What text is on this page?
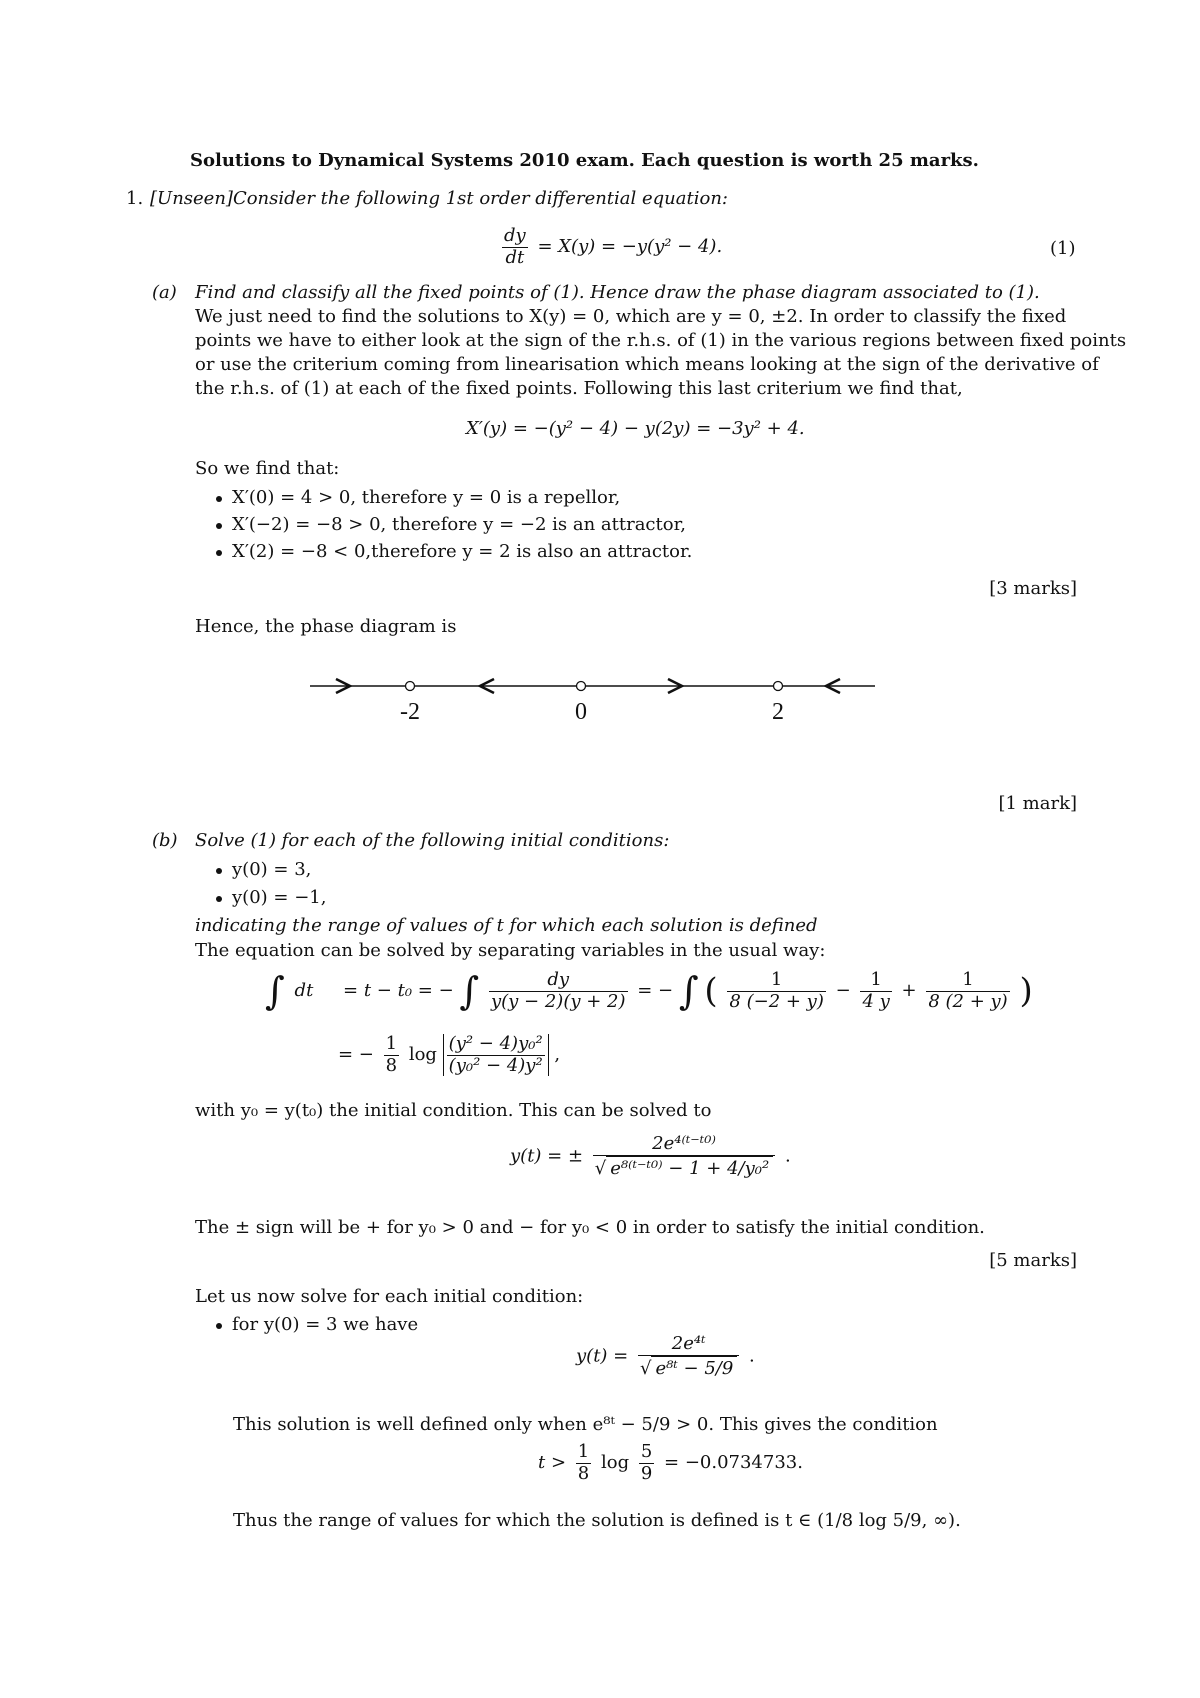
Solutions to Dynamical Systems 2010 exam. Each question is worth 25 marks.
1. [Unseen]Consider the following 1st order differential equation:
$\frac{dy}{dt} = X(y) = -y(y^2 - 4)$.	(1)
(a) Find and classify all the fixed points of (1). Hence draw the phase diagram associated to (1).
We just need to find the solutions to X(y) = 0, which are y = 0, ±2. In order to classify the fixed
points we have to either look at the sign of the r.h.s. of (1) in the various regions between fixed points
or use the criterium coming from linearisation which means looking at the sign of the derivative of
the r.h.s. of (1) at each of the fixed points. Following this last criterium we find that,
X′(y) = −(y² − 4) − y(2y) = −3y² + 4.
So we find that:
X′(0) = 4 > 0, therefore y = 0 is a repellor,
X′(−2) = −8 > 0, therefore y = −2 is an attractor,
X′(2) = −8 < 0,therefore y = 2 is also an attractor.
[3 marks]
Hence, the phase diagram is
-2	0	2
[1 mark]
(b) Solve (1) for each of the following initial conditions:
y(0) = 3,
y(0) = −1,
indicating the range of values of t for which each solution is defined
The equation can be solved by separating variables in the usual way:
∫ dt = t − t₀ = − ∫ $\frac{dy}{y(y - 2)(y + 2)}$ = − ∫ ( $\frac{1}{8 (-2 + y)} - \frac{1}{4 y} + \frac{1}{8 (2 + y)}$ )
= − $\frac{1}{8}$ $\log \frac{\text{(y² − 4)y₀²}}{\text{(y₀² − 4)y²}}$ ,
with y₀ = y(t₀) the initial condition. This can be solved to
y(t) = ± $\frac{\text{2e⁴⁽ᵗ⁻ᵗ⁰⁾}}{\text{√ e⁸⁽ᵗ⁻ᵗ⁰⁾ − 1 + 4/y₀²}}$ .
The ± sign will be + for y₀ > 0 and − for y₀ < 0 in order to satisfy the initial condition.
[5 marks]
Let us now solve for each initial condition:
for y(0) = 3 we have
$y(t) = \frac{\text{2e⁴ᵗ}}{\text{√ e⁸ᵗ − 5/9}}$ .
This solution is well defined only when e⁸ᵗ − 5/9 > 0. This gives the condition
$t > \frac{1}{8}$ $\log \frac{5}{9} = -0.0734733$.
Thus the range of values for which the solution is defined is t ∈ (1/8 log 5/9, ∞).
